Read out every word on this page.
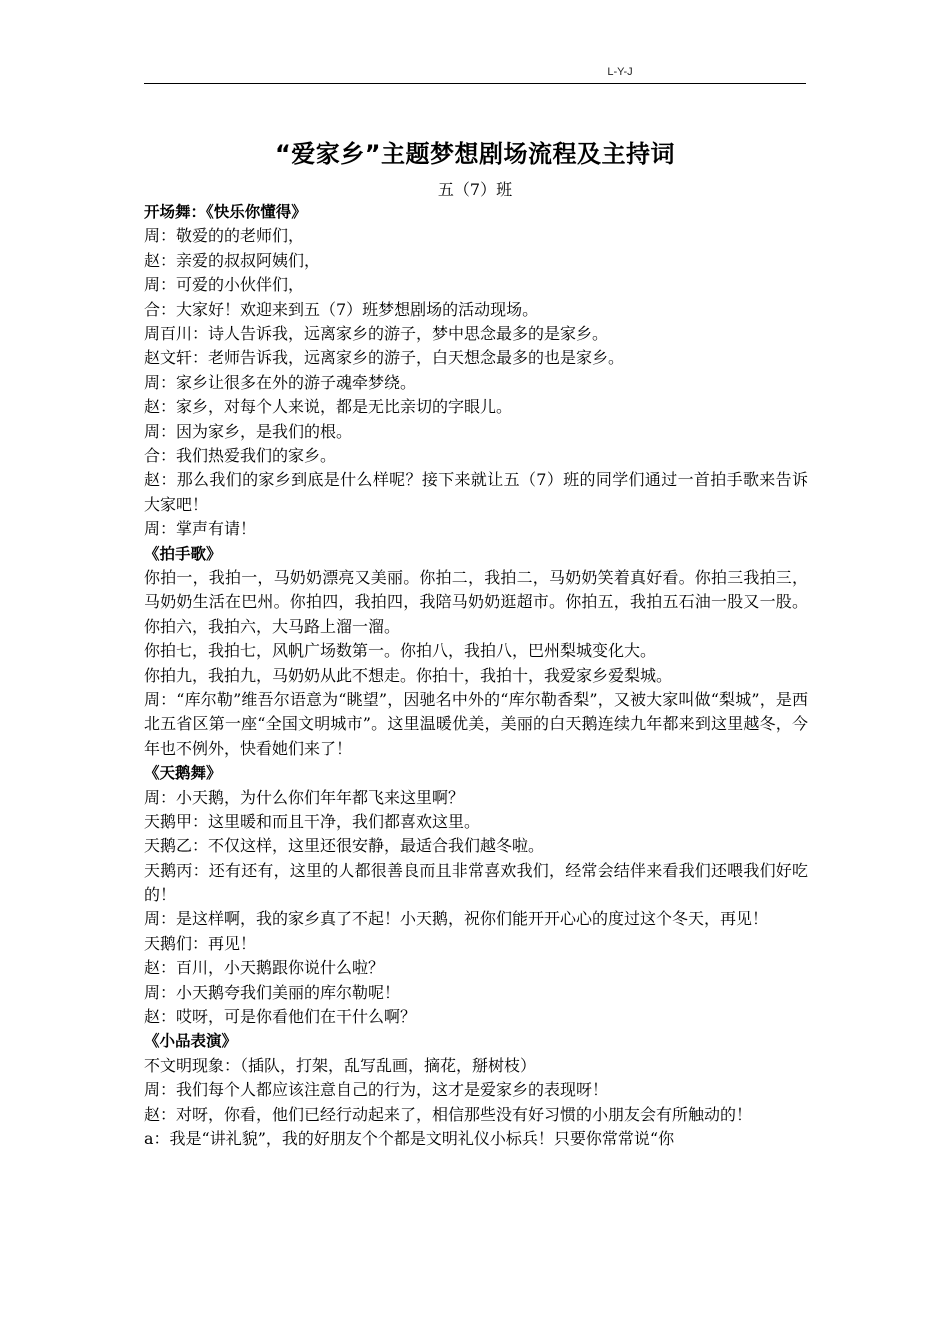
L-Y-J
“爱家乡”主题梦想剧场流程及主持词
五（7）班
开场舞：《快乐你懂得》
周：敬爱的的老师们，
赵：亲爱的叔叔阿姨们，
周：可爱的小伙伴们，
合：大家好！欢迎来到五（7）班梦想剧场的活动现场。
周百川：诗人告诉我，远离家乡的游子，梦中思念最多的是家乡。
赵文轩：老师告诉我，远离家乡的游子，白天想念最多的也是家乡。
周：家乡让很多在外的游子魂牵梦绕。
赵：家乡，对每个人来说，都是无比亲切的字眼儿。
周：因为家乡，是我们的根。
合：我们热爱我们的家乡。
赵：那么我们的家乡到底是什么样呢？接下来就让五（7）班的同学们通过一首拍手歌来告诉大家吧！
周：掌声有请！
《拍手歌》
你拍一，我拍一，马奶奶漂亮又美丽。你拍二，我拍二，马奶奶笑着真好看。你拍三我拍三，马奶奶生活在巴州。你拍四，我拍四，我陪马奶奶逛超市。你拍五，我拍五石油一股又一股。你拍六，我拍六，大马路上溜一溜。
你拍七，我拍七，风帆广场数第一。你拍八，我拍八，巴州梨城变化大。
你拍九，我拍九，马奶奶从此不想走。你拍十，我拍十，我爱家乡爱梨城。
周：“库尔勒”维吾尔语意为“眺望”，因驰名中外的“库尔勒香梨”，又被大家叫做“梨城”，是西北五省区第一座“全国文明城市”。这里温暖优美，美丽的白天鹅连续九年都来到这里越冬，今年也不例外，快看她们来了！
《天鹅舞》
周：小天鹅，为什么你们年年都飞来这里啊？
天鹅甲：这里暖和而且干净，我们都喜欢这里。
天鹅乙：不仅这样，这里还很安静，最适合我们越冬啦。
天鹅丙：还有还有，这里的人都很善良而且非常喜欢我们，经常会结伴来看我们还喂我们好吃的！
周：是这样啊，我的家乡真了不起！小天鹅，祝你们能开开心心的度过这个冬天，再见！
天鹅们：再见！
赵：百川，小天鹅跟你说什么啦？
周：小天鹅夸我们美丽的库尔勒呢！
赵：哎呀，可是你看他们在干什么啊？
《小品表演》
不文明现象：（插队，打架，乱写乱画，摘花，掰树枝）
周：我们每个人都应该注意自己的行为，这才是爱家乡的表现呀！
赵：对呀，你看，他们已经行动起来了，相信那些没有好习惯的小朋友会有所触动的！
a：我是“讲礼貌”，我的好朋友个个都是文明礼仪小标兵！只要你常常说“你
